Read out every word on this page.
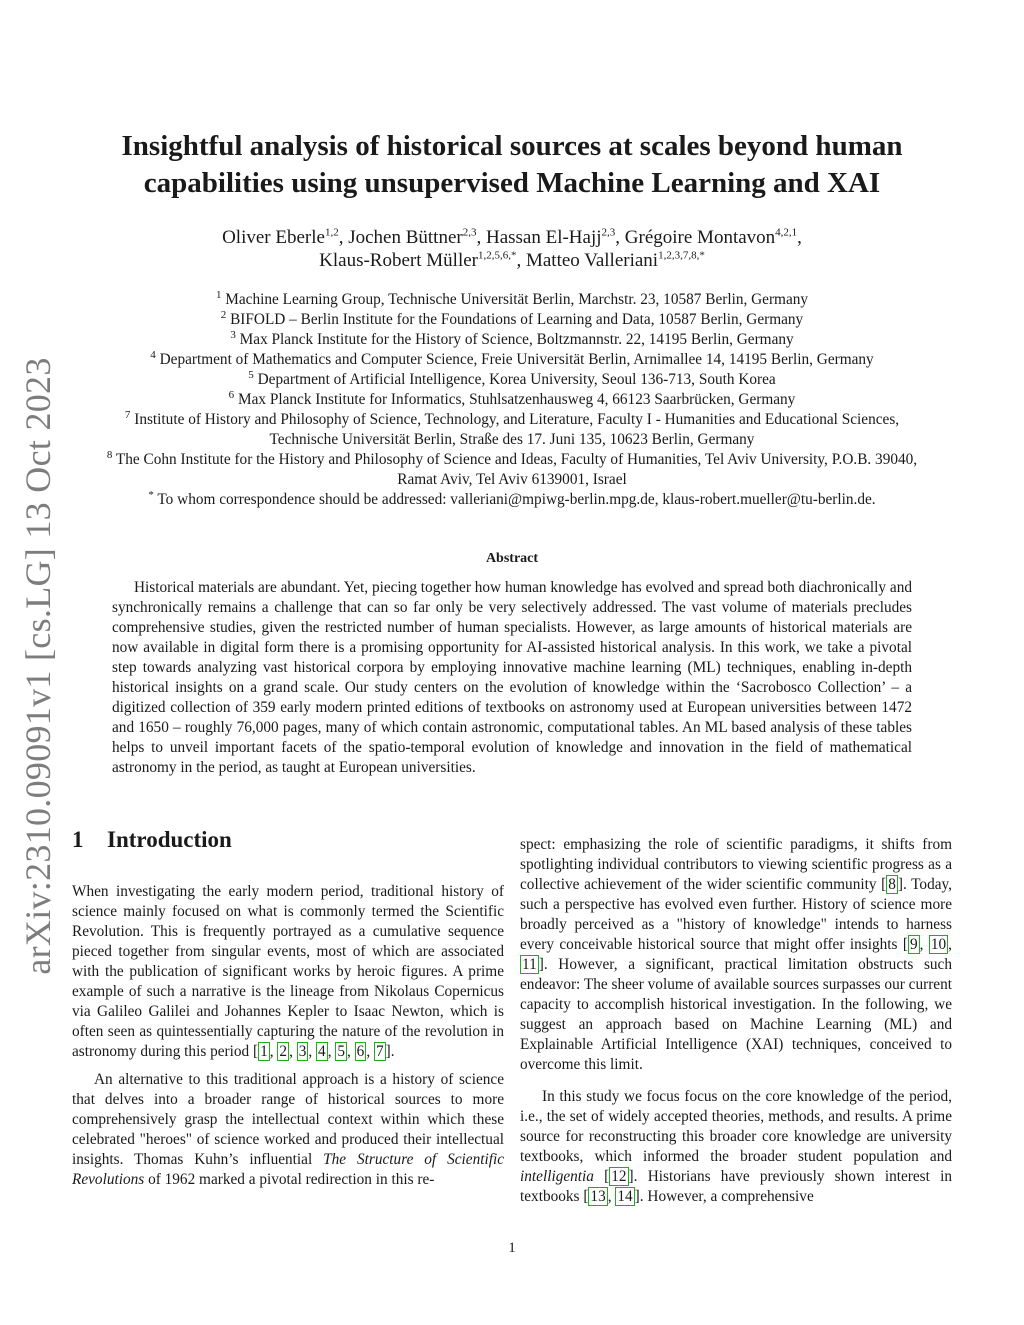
arXiv:2310.09091v1 [cs.LG] 13 Oct 2023
Insightful analysis of historical sources at scales beyond human
capabilities using unsupervised Machine Learning and XAI
Oliver Eberle$^{1,2}$, Jochen Büttner$^{2,3}$, Hassan El-Hajj$^{2,3}$, Grégoire Montavon$^{4,2,1}$,
Klaus-Robert Müller$^{1,2,5,6,*}$, Matteo Valleriani$^{1,2,3,7,8,*}$
$^1$ Machine Learning Group, Technische Universität Berlin, Marchstr. 23, 10587 Berlin, Germany
$^2$ BIFOLD – Berlin Institute for the Foundations of Learning and Data, 10587 Berlin, Germany
$^3$ Max Planck Institute for the History of Science, Boltzmannstr. 22, 14195 Berlin, Germany
$^4$ Department of Mathematics and Computer Science, Freie Universität Berlin, Arnimallee 14, 14195 Berlin, Germany
$^5$ Department of Artificial Intelligence, Korea University, Seoul 136-713, South Korea
$^6$ Max Planck Institute for Informatics, Stuhlsatzenhausweg 4, 66123 Saarbrücken, Germany
$^7$ Institute of History and Philosophy of Science, Technology, and Literature, Faculty I - Humanities and Educational Sciences,
Technische Universität Berlin, Straße des 17. Juni 135, 10623 Berlin, Germany
$^8$ The Cohn Institute for the History and Philosophy of Science and Ideas, Faculty of Humanities, Tel Aviv University, P.O.B. 39040,
Ramat Aviv, Tel Aviv 6139001, Israel
* To whom correspondence should be addressed: valleriani@mpiwg-berlin.mpg.de, klaus-robert.mueller@tu-berlin.de.
Abstract

Historical materials are abundant. Yet, piecing together how human knowledge has evolved and spread both diachronically and synchronically remains a challenge that can so far only be very selectively addressed. The vast volume of materials precludes comprehensive studies, given the restricted number of human specialists. However, as large amounts of historical materials are now available in digital form there is a promising opportunity for AI-assisted historical analysis. In this work, we take a pivotal step towards analyzing vast historical corpora by employing innovative machine learning (ML) techniques, enabling in-depth historical insights on a grand scale. Our study centers on the evolution of knowledge within the ‘Sacrobosco Collection’ – a digitized collection of 359 early modern printed editions of textbooks on astronomy used at European universities between 1472 and 1650 – roughly 76,000 pages, many of which contain astronomic, computational tables. An ML based analysis of these tables helps to unveil important facets of the spatio-temporal evolution of knowledge and innovation in the field of mathematical astronomy in the period, as taught at European universities.

1 Introduction

When investigating the early modern period, traditional history of science mainly focused on what is commonly termed the Scientific Revolution. This is frequently portrayed as a cumulative sequence pieced together from singular events, most of which are associated with the publication of significant works by heroic figures. A prime example of such a narrative is the lineage from Nikolaus Copernicus via Galileo Galilei and Johannes Kepler to Isaac Newton, which is often seen as quintessentially capturing the nature of the revolution in astronomy during this period [ 1 , 2 , 3 , 4 , 5 , 6 , 7 ].

An alternative to this traditional approach is a history of science that delves into a broader range of historical sources to more comprehensively grasp the intellectual context within which these celebrated "heroes" of science worked and produced their intellectual insights. Thomas Kuhn’s influential The Structure of Scientific Revolutions of 1962 marked a pivotal redirection in this re-

spect: emphasizing the role of scientific paradigms, it shifts from spotlighting individual contributors to viewing scientific progress as a collective achievement of the wider scientific community [ 8 ]. Today, such a perspective has evolved even further. History of science more broadly perceived as a "history of knowledge" intends to harness every conceivable historical source that might offer insights [ 9 , 10 , 11 ]. However, a significant, practical limitation obstructs such endeavor: The sheer volume of available sources surpasses our current capacity to accomplish historical investigation. In the following, we suggest an approach based on Machine Learning (ML) and Explainable Artificial Intelligence (XAI) techniques, conceived to overcome this limit.

In this study we focus focus on the core knowledge of the period, i.e., the set of widely accepted theories, methods, and results. A prime source for reconstructing this broader core knowledge are university textbooks, which informed the broader student population and intelligentia [ 12 ]. Historians have previously shown interest in textbooks [ 13 , 14 ]. However, a comprehensive

1
